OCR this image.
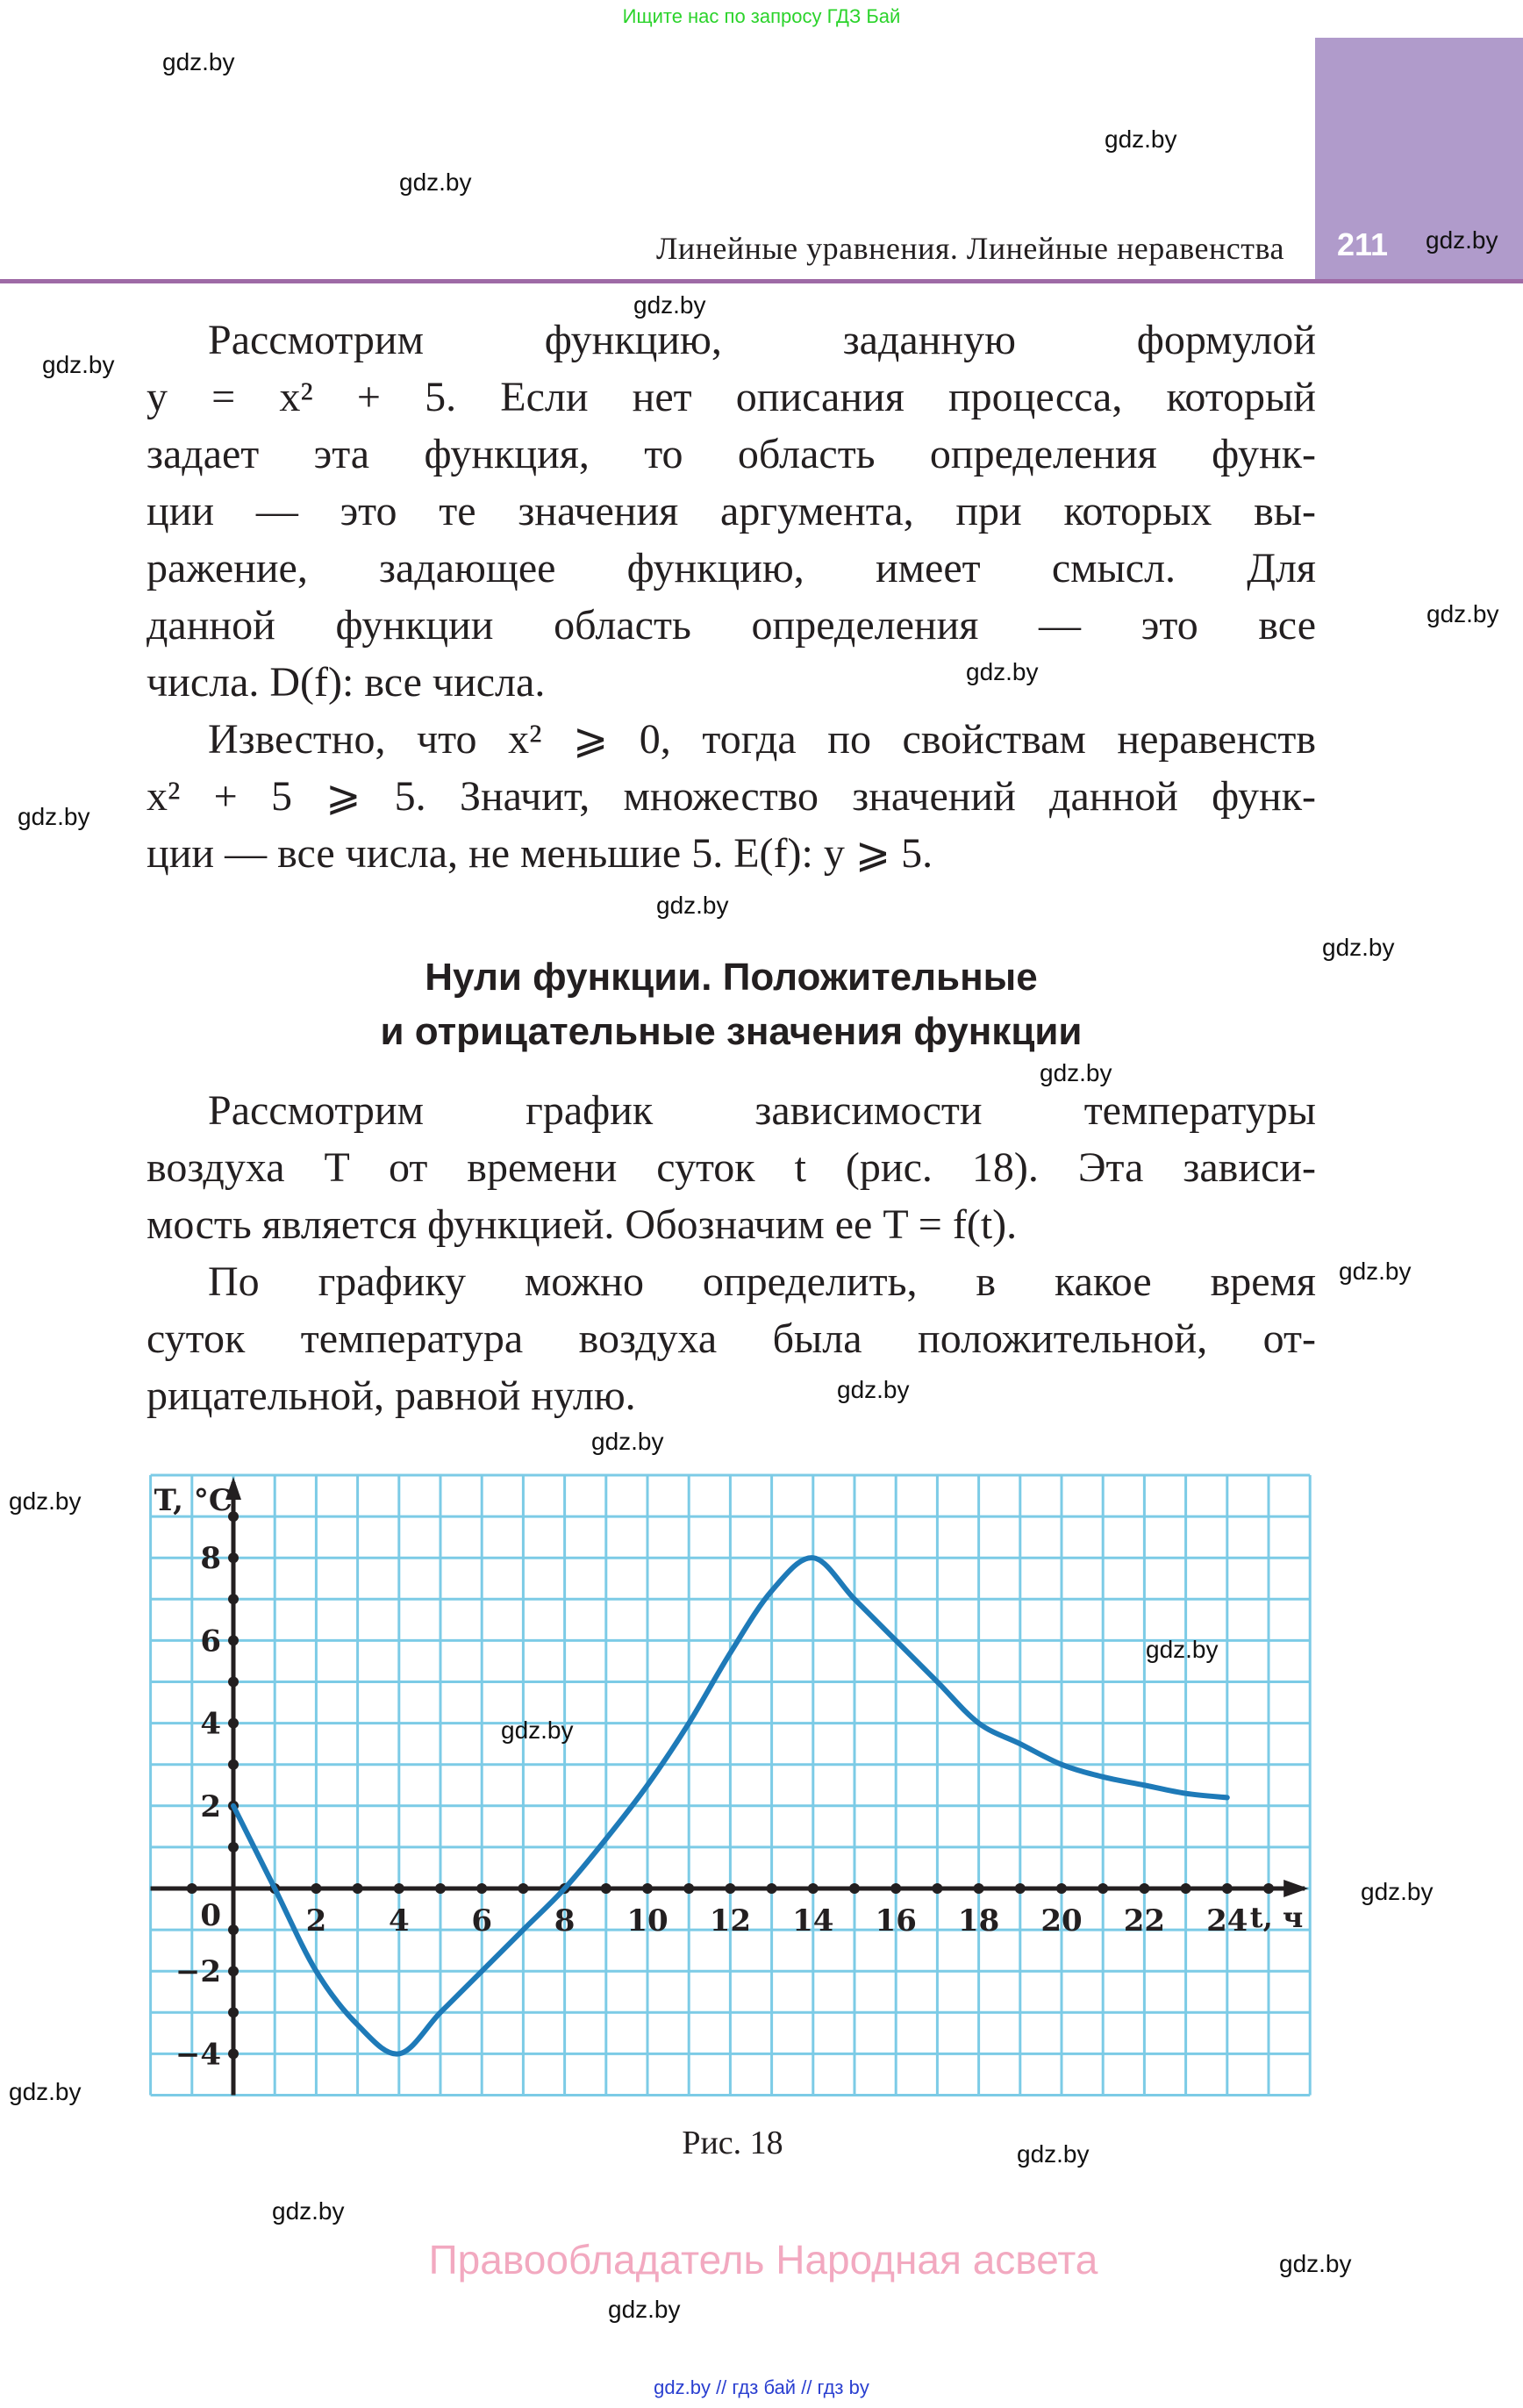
Ищите нас по запросу ГДЗ Бай
211
Линейные уравнения. Линейные неравенства
Рассмотрим функцию, заданную формулой
y = x² + 5. Если нет описания процесса, который
задает эта функция, то область определения функ-
ции — это те значения аргумента, при которых вы-
ражение, задающее функцию, имеет смысл. Для
данной функции область определения — это все
числа. D(f): все числа.
Известно, что x² ⩾ 0, тогда по свойствам неравенств
x² + 5 ⩾ 5. Значит, множество значений данной функ-
ции — все числа, не меньшие 5. E(f): y ⩾ 5.
Нули функции. Положительные
и отрицательные значения функции
Рассмотрим график зависимости температуры
воздуха T от времени суток t (рис. 18). Эта зависи-
мость является функцией. Обозначим ее T = f(t).
По графику можно определить, в какое время
суток температура воздуха была положительной, от-
рицательной, равной нулю.
2 4 6 8 10 12 14 16 18 20 22 24
−4
−2
2
4
6
8
0
T, °C
t, ч
Рис. 18
Правообладатель Народная асвета
gdz.by // гдз бай // гдз by
gdz.by
gdz.by
gdz.by
gdz.by
gdz.by
gdz.by
gdz.by
gdz.by
gdz.by
gdz.by
gdz.by
gdz.by
gdz.by
gdz.by
gdz.by
gdz.by
gdz.by
gdz.by
gdz.by
gdz.by
gdz.by
gdz.by
gdz.by
gdz.by
